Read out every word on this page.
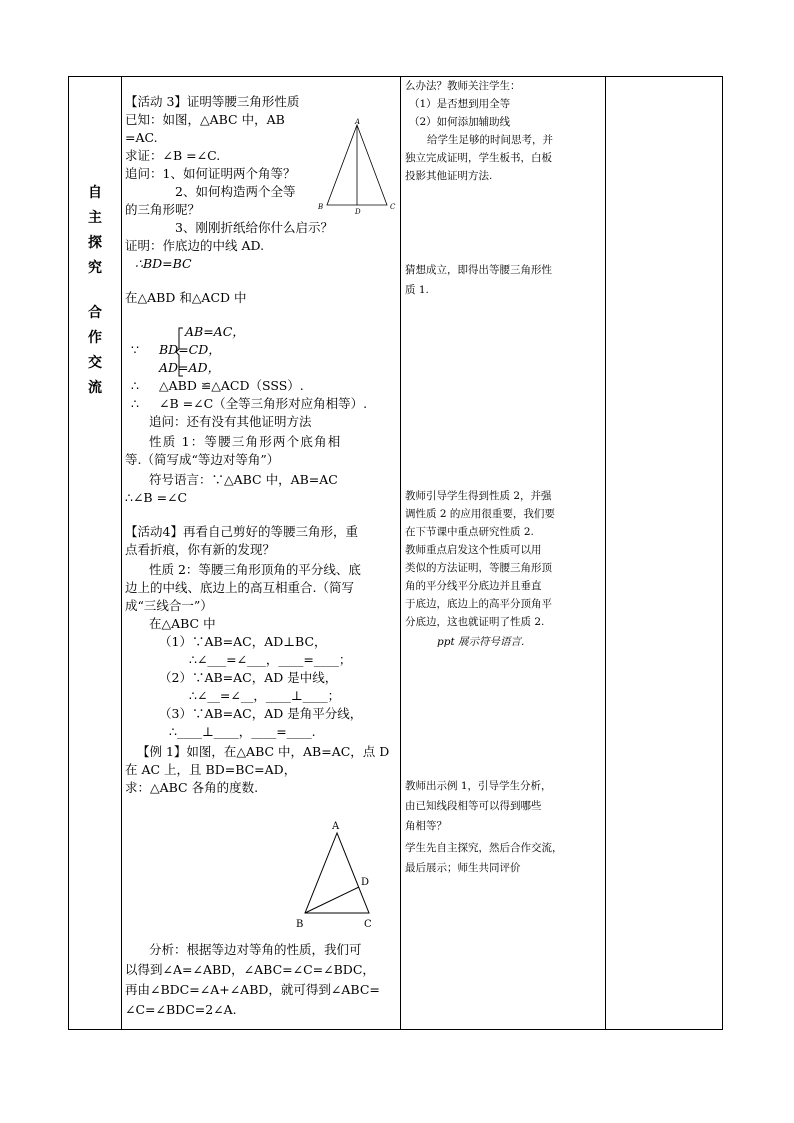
自
主
探
究
合
作
交
流
【活动 3】证明等腰三角形性质
已知：如图，△ABC 中，AB
=AC.
求证：∠B =∠C.
追问：1、如何证明两个角等？
2、如何构造两个全等
的三角形呢？
3、刚刚折纸给你什么启示？
证明：作底边的中线 AD.
∴BD=BC
在△ABD 和△ACD 中
AB=AC，
∵ BD=CD，
AD=AD，
∴ △ABD ≌△ACD（SSS）.
∴ ∠B =∠C（全等三角形对应角相等）.
追问：还有没有其他证明方法
性质 1：等腰三角形两个底角相
等.（简写成“等边对等角”）
符号语言：∵△ABC 中，AB=AC
∴∠B =∠C
【活动4】再看自己剪好的等腰三角形，重
点看折痕，你有新的发现？
性质 2：等腰三角形顶角的平分线、底
边上的中线、底边上的高互相重合.（简写
成“三线合一”）
在△ABC 中
（1）∵AB=AC，AD⊥BC，
∴∠___=∠___，____=____；
（2）∵AB=AC，AD 是中线，
∴∠__=∠__，____⊥____；
（3）∵AB=AC，AD 是角平分线，
∴____⊥____，____=____.
【例 1】如图，在△ABC 中，AB=AC，点 D
在 AC 上，且 BD=BC=AD，
求：△ABC 各角的度数.
分析：根据等边对等角的性质，我们可
以得到∠A=∠ABD，∠ABC=∠C=∠BDC，
再由∠BDC=∠A+∠ABD，就可得到∠ABC=
∠C=∠BDC=2∠A.
A
B	C
D
A
B	C
D
么办法？教师关注学生：
（1）是否想到用全等
（2）如何添加辅助线
给学生足够的时间思考，并
独立完成证明，学生板书，白板
投影其他证明方法.
猜想成立，即得出等腰三角形性
质 1.
教师引导学生得到性质 2，并强
调性质 2 的应用很重要，我们要
在下节课中重点研究性质 2.
教师重点启发这个性质可以用
类似的方法证明，等腰三角形顶
角的平分线平分底边并且垂直
于底边，底边上的高平分顶角平
分底边，这也就证明了性质 2.
ppt 展示符号语言.
教师出示例 1，引导学生分析，
由已知线段相等可以得到哪些
角相等？
学生先自主探究，然后合作交流，
最后展示；师生共同评价
